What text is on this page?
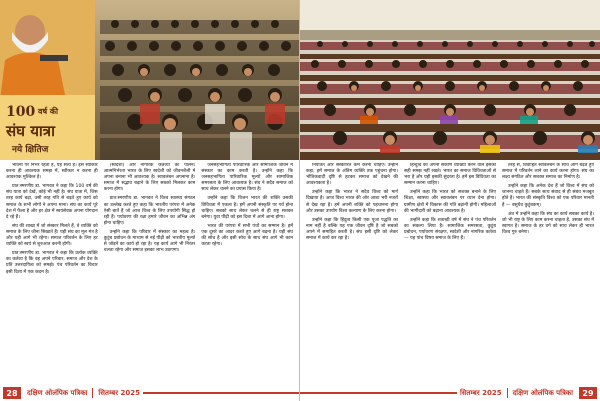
100 वर्ष की
संघ यात्रा
नये क्षितिज

भावना पर निर्भर रहती है, यह सत्य है। इसे स्वीकार करना ही आवश्यक समझ में, स्वीकार न करना ही आवश्यक मुश्किल है।

प्रात:स्मरणीय डा. भागवत ने कहा कि 100 वर्ष की संघ यात्रा को देखें, कोई भी नहीं है। संघ यात्रा में, जिस तरह कार्य बढ़ा, उसी तरह गति से बढ़ते हुए कार्य को समाज के सभी लोगों ने अपना माना। संघ का कार्य पूरे देश में फैला है और हर क्षेत्र में स्वयंसेवक अपना योगदान दे रहे हैं।

संघ की शाखा में जो संस्कार मिलते हैं, वे व्यक्ति को समाज के लिए जीना सिखाते हैं। यही संघ का मूल मंत्र है और यही आगे भी रहेगा। समाज परिवर्तन के लिए हर व्यक्ति को स्वयं से शुरुआत करनी होगी।

प्रात:स्मरणीय डा. भागवत ने कहा कि प्रत्येक व्यक्ति का कर्तव्य है कि वह अपने परिवार, समाज और देश के प्रति उत्तरदायित्व को समझे। पंच परिवर्तन का विचार इसी दिशा में एक कदम है।

(स्वदेशी) और नागरिक कर्तव्यों का पालन। आत्मनिर्भरता भारत के लिए स्वदेशी को जीवनशैली में अपना बनाना भी आवश्यक है। स्वावलंबन अपनाना है। समाज में सद्भाव बढ़ाने के लिए सबको मिलकर काम करना होगा।

प्रात:स्मरणीय डा. भागवत ने विश्व स्वास्थ्य संगठन का उल्लेख करते हुए कहा कि भारतीय परंपरा में अनेक ऐसी बातें हैं जो आज विश्व के लिए उपयोगी सिद्ध हो रही हैं। पर्यावरण की रक्षा हमारे जीवन का अभिन्न अंग होना चाहिए।

उन्होंने कहा कि परिवार में संस्कार का महत्व है। कुटुंब प्रबोधन के माध्यम से नई पीढ़ी को भारतीय मूल्यों से जोड़ने का कार्य हो रहा है। यह कार्य आगे भी निरंतर चलता रहेगा और समाज इसका लाभ उठाएगा।

जनसहभागिता पारिवारिक और सामाजिक जीवन में संस्कार का काम करती है। उन्होंने कहा कि जनसहभागिता पारिवारिक मूल्यों और सामाजिक समरसता के लिए आवश्यक है। संघ ने सदैव समाज को साथ लेकर चलने का प्रयास किया है।

उन्होंने कहा कि विजन भारत की शक्ति उसकी विविधता में एकता है। हमें अपनी संस्कृति पर गर्व होना चाहिए। सबको साथ लेकर चलने से ही राष्ट्र सशक्त बनेगा। युवा पीढ़ी को इस दिशा में आगे आना होगा।

भारत की परंपरा में सभी पंथों का सम्मान है। हमें एक दूसरे का आदर करते हुए आगे बढ़ना है। यही संघ की सोच है और इसी सोच के साथ संघ आगे भी काम करता रहेगा।

28	दक्षिण ओलंपिक पत्रिका	सितम्बर 2025

नियंत्रित और संस्कारित कर्म करना चाहिए। उन्होंने कहा, हमें समाज के अंतिम व्यक्ति तक पहुंचना होगा। भौतिकवादी दृष्टि से हटकर समाज को देखने की आवश्यकता है।

उन्होंने कहा कि भारत ने सदैव विश्व को मार्ग दिखाया है। आज विश्व भारत की ओर आशा भरी नजरों से देख रहा है। हमें अपनी शक्ति को पहचानना होगा और उसका उपयोग विश्व कल्याण के लिए करना होगा।

उन्होंने कहा कि हिंदुत्व किसी एक पूजा पद्धति का नाम नहीं है बल्कि यह एक जीवन दृष्टि है जो सबको अपने में समाहित करती है। संघ इसी दृष्टि को लेकर समाज में कार्य कर रहा है।

हिन्दुत्व को अपनी संकीर्ण व्याख्या करने वाले इसकी सही समझ नहीं रखते। भारत का समाज विविधताओं से भरा है और यही इसकी सुंदरता है। हमें इस विविधता का सम्मान करना चाहिए।

उन्होंने कहा कि भारत को सशक्त बनाने के लिए शिक्षा, स्वास्थ्य और स्वावलंबन पर ध्यान देना होगा। ग्रामीण क्षेत्रों में विकास की गति बढ़ानी होगी। महिलाओं की भागीदारी को बढ़ाना आवश्यक है।

उन्होंने कहा कि शताब्दी वर्ष में संघ ने पंच परिवर्तन का संकल्प लिया है। सामाजिक समरसता, कुटुंब प्रबोधन, पर्यावरण संरक्षण, स्वदेशी और नागरिक कर्तव्य — यह पांच विषय समाज के लिए हैं।

तरह से, विवाहित स्वावलंबन के साथ आगे बढ़ते हुए समाज में परिवर्तन लाने का कार्य करना होगा। संघ का लक्ष्य संगठित और सशक्त समाज का निर्माण है।

उन्होंने कहा कि अनेक देश हैं जो विश्व में संघ को जानना चाहते हैं। सबके साथ संवाद से ही संबंध मजबूत होते हैं। भारत की संस्कृति विश्व को एक परिवार मानती है — वसुधैव कुटुंबकम्।

अंत में उन्होंने कहा कि संघ का कार्य सबका कार्य है। जो भी राष्ट्र के लिए काम करना चाहता है, उसका संघ में स्वागत है। समाज के हर वर्ग को साथ लेकर ही भारत विश्व गुरु बनेगा।

सितम्बर 2025	दक्षिण ओलंपिक पत्रिका	29
